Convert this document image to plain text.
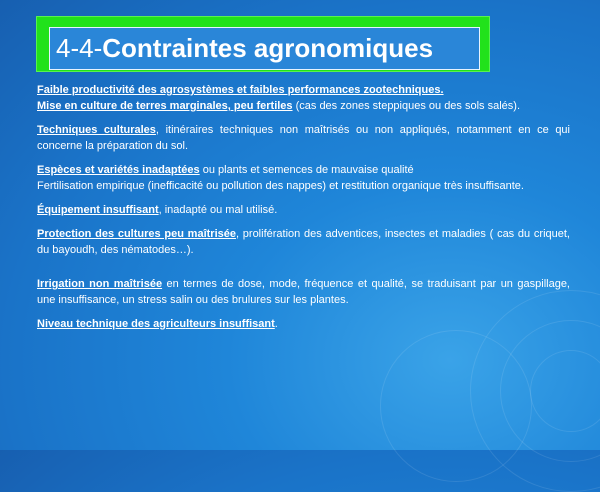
4-4-Contraintes agronomiques

Faible productivité des agrosystèmes et faibles performances zootechniques.
Mise en culture de terres marginales, peu fertiles (cas des zones steppiques ou des sols salés).

Techniques culturales, itinéraires techniques non maîtrisés ou non appliqués, notamment en ce qui concerne la préparation du sol.

Espèces et variétés inadaptées ou plants et semences de mauvaise qualité
Fertilisation empirique (inefficacité ou pollution des nappes) et restitution organique très insuffisante.

Équipement insuffisant, inadapté ou mal utilisé.

Protection des cultures peu maîtrisée, prolifération des adventices, insectes et maladies ( cas du criquet, du bayoudh, des nématodes…).

Irrigation non maîtrisée en termes de dose, mode, fréquence et qualité, se traduisant par un gaspillage, une insuffisance, un stress salin ou des brulures sur les plantes.

Niveau technique des agriculteurs insuffisant.
